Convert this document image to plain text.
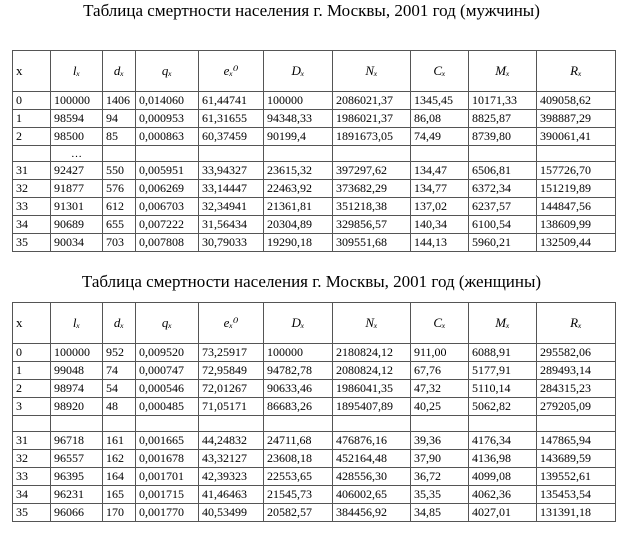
Таблица смертности населения г. Москвы, 2001 год (мужчины)
x	lₓ	dₓ	qₓ	eₓ⁰	Dₓ	Nₓ	Cₓ	Mₓ	Rₓ
0	100000	1406	0,014060	61,44741	100000	2086021,37	1345,45	10171,33	409058,62
1	98594	94	0,000953	61,31655	94348,33	1986021,37	86,08	8825,87	398887,29
2	98500	85	0,000863	60,37459	90199,4	1891673,05	74,49	8739,80	390061,41
	…								
31	92427	550	0,005951	33,94327	23615,32	397297,62	134,47	6506,81	157726,70
32	91877	576	0,006269	33,14447	22463,92	373682,29	134,77	6372,34	151219,89
33	91301	612	0,006703	32,34941	21361,81	351218,38	137,02	6237,57	144847,56
34	90689	655	0,007222	31,56434	20304,89	329856,57	140,34	6100,54	138609,99
35	90034	703	0,007808	30,79033	19290,18	309551,68	144,13	5960,21	132509,44
Таблица смертности населения г. Москвы, 2001 год (женщины)
x	lₓ	dₓ	qₓ	eₓ⁰	Dₓ	Nₓ	Cₓ	Mₓ	Rₓ
0	100000	952	0,009520	73,25917	100000	2180824,12	911,00	6088,91	295582,06
1	99048	74	0,000747	72,95849	94782,78	2080824,12	67,76	5177,91	289493,14
2	98974	54	0,000546	72,01267	90633,46	1986041,35	47,32	5110,14	284315,23
3	98920	48	0,000485	71,05171	86683,26	1895407,89	40,25	5062,82	279205,09

31	96718	161	0,001665	44,24832	24711,68	476876,16	39,36	4176,34	147865,94
32	96557	162	0,001678	43,32127	23608,18	452164,48	37,90	4136,98	143689,59
33	96395	164	0,001701	42,39323	22553,65	428556,30	36,72	4099,08	139552,61
34	96231	165	0,001715	41,46463	21545,73	406002,65	35,35	4062,36	135453,54
35	96066	170	0,001770	40,53499	20582,57	384456,92	34,85	4027,01	131391,18
